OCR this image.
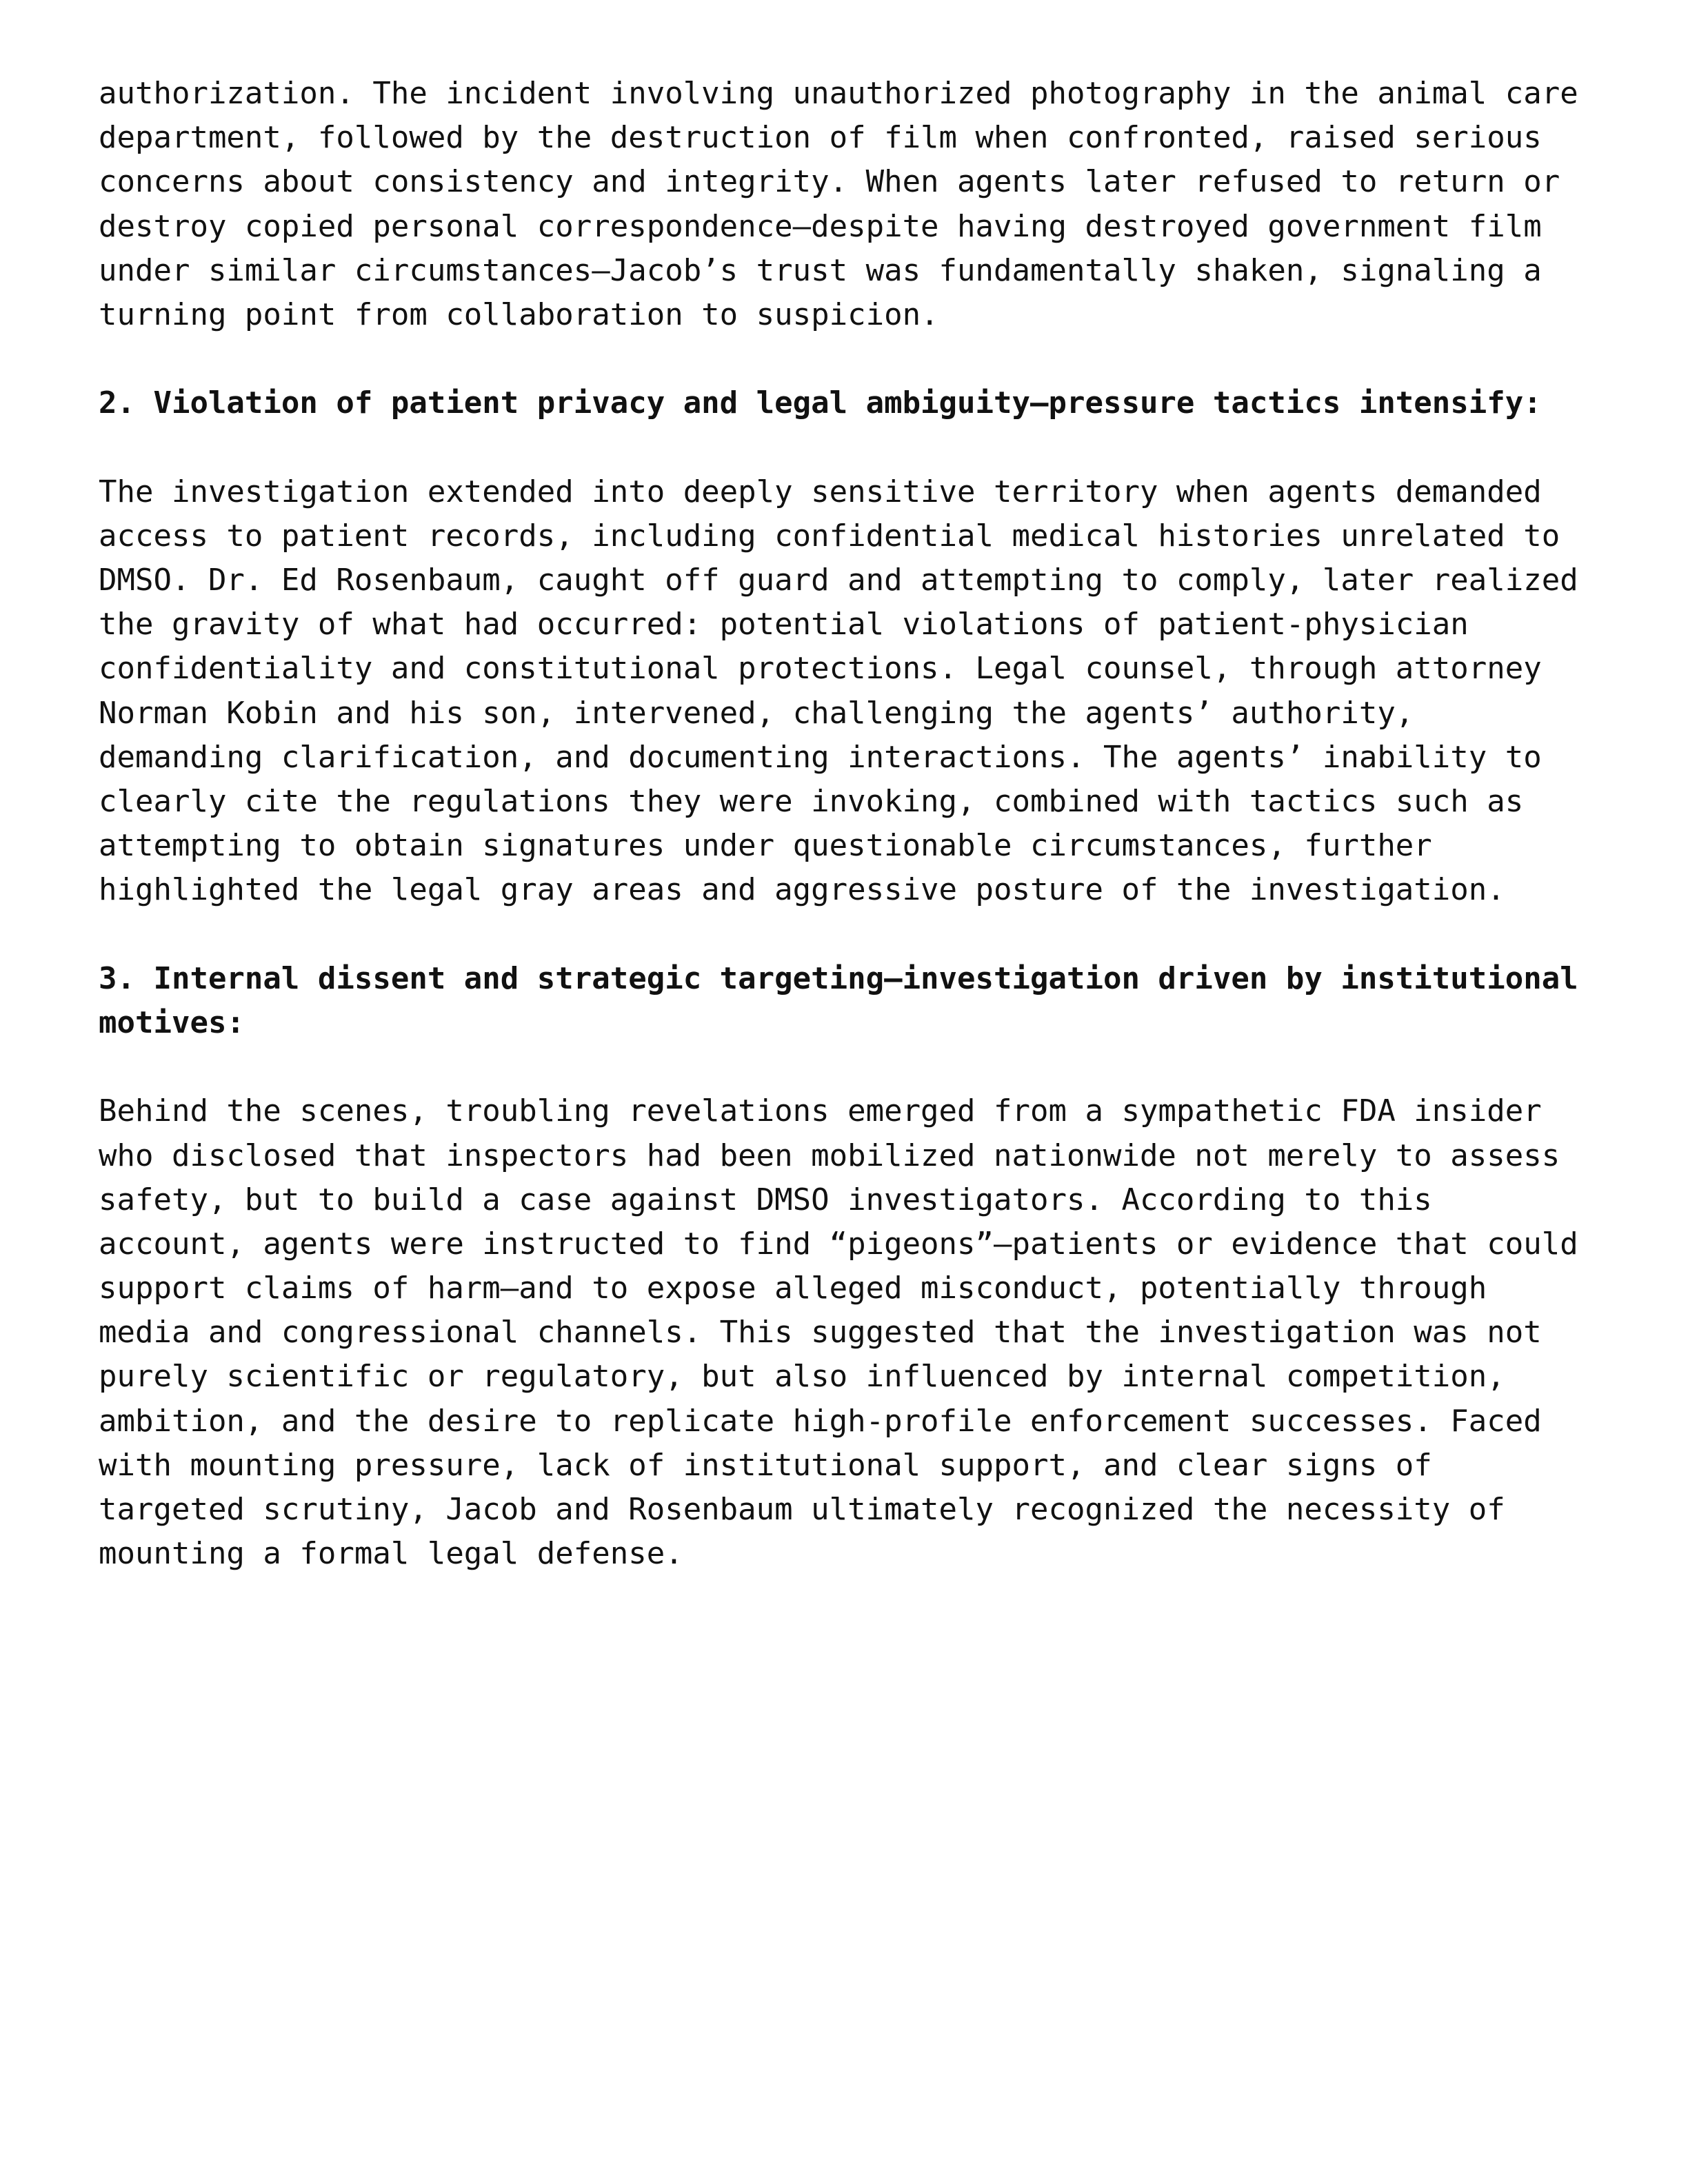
authorization. The incident involving unauthorized photography in the animal care
department, followed by the destruction of film when confronted, raised serious
concerns about consistency and integrity. When agents later refused to return or
destroy copied personal correspondence—despite having destroyed government film
under similar circumstances—Jacob’s trust was fundamentally shaken, signaling a
turning point from collaboration to suspicion.
2. Violation of patient privacy and legal ambiguity—pressure tactics intensify:
The investigation extended into deeply sensitive territory when agents demanded
access to patient records, including confidential medical histories unrelated to
DMSO. Dr. Ed Rosenbaum, caught off guard and attempting to comply, later realized
the gravity of what had occurred: potential violations of patient-physician
confidentiality and constitutional protections. Legal counsel, through attorney
Norman Kobin and his son, intervened, challenging the agents’ authority,
demanding clarification, and documenting interactions. The agents’ inability to
clearly cite the regulations they were invoking, combined with tactics such as
attempting to obtain signatures under questionable circumstances, further
highlighted the legal gray areas and aggressive posture of the investigation.
3. Internal dissent and strategic targeting—investigation driven by institutional
motives:
Behind the scenes, troubling revelations emerged from a sympathetic FDA insider
who disclosed that inspectors had been mobilized nationwide not merely to assess
safety, but to build a case against DMSO investigators. According to this
account, agents were instructed to find “pigeons”—patients or evidence that could
support claims of harm—and to expose alleged misconduct, potentially through
media and congressional channels. This suggested that the investigation was not
purely scientific or regulatory, but also influenced by internal competition,
ambition, and the desire to replicate high-profile enforcement successes. Faced
with mounting pressure, lack of institutional support, and clear signs of
targeted scrutiny, Jacob and Rosenbaum ultimately recognized the necessity of
mounting a formal legal defense.
